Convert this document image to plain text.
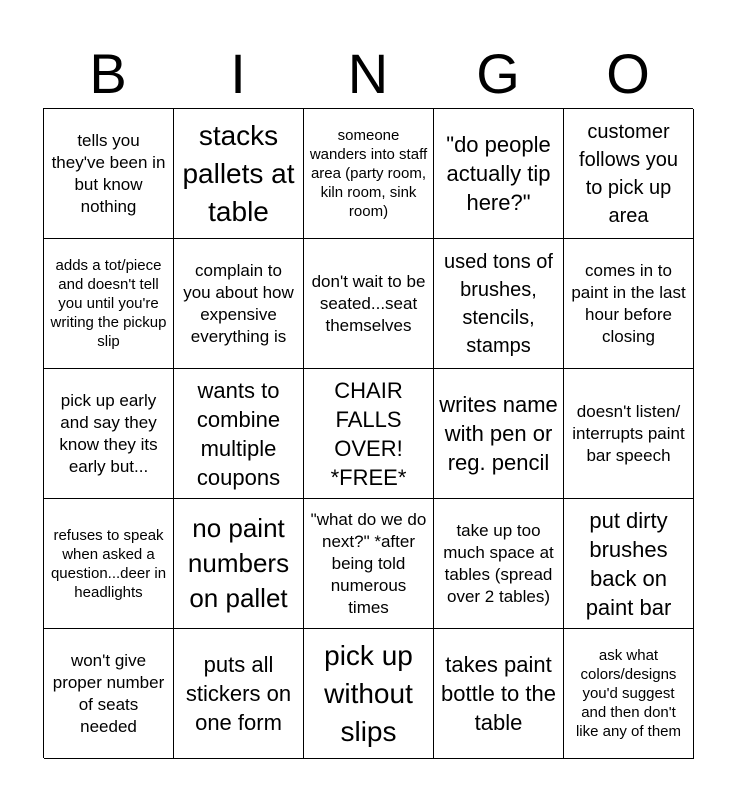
B	I	N	G	O
tells you they've been in but know nothing
stacks pallets at table
someone wanders into staff area (party room, kiln room, sink room)
"do people actually tip here?"
customer follows you to pick up area
adds a tot/piece and doesn't tell you until you're writing the pickup slip
complain to you about how expensive everything is
don't wait to be seated...seat themselves
used tons of brushes, stencils, stamps
comes in to paint in the last hour before closing
pick up early and say they know they its early but...
wants to combine multiple coupons
CHAIR FALLS OVER! *FREE*
writes name with pen or reg. pencil
doesn't listen/ interrupts paint bar speech
refuses to speak when asked a question...deer in headlights
no paint numbers on pallet
"what do we do next?" *after being told numerous times
take up too much space at tables (spread over 2 tables)
put dirty brushes back on paint bar
won't give proper number of seats needed
puts all stickers on one form
pick up without slips
takes paint bottle to the table
ask what colors/designs you'd suggest and then don't like any of them
